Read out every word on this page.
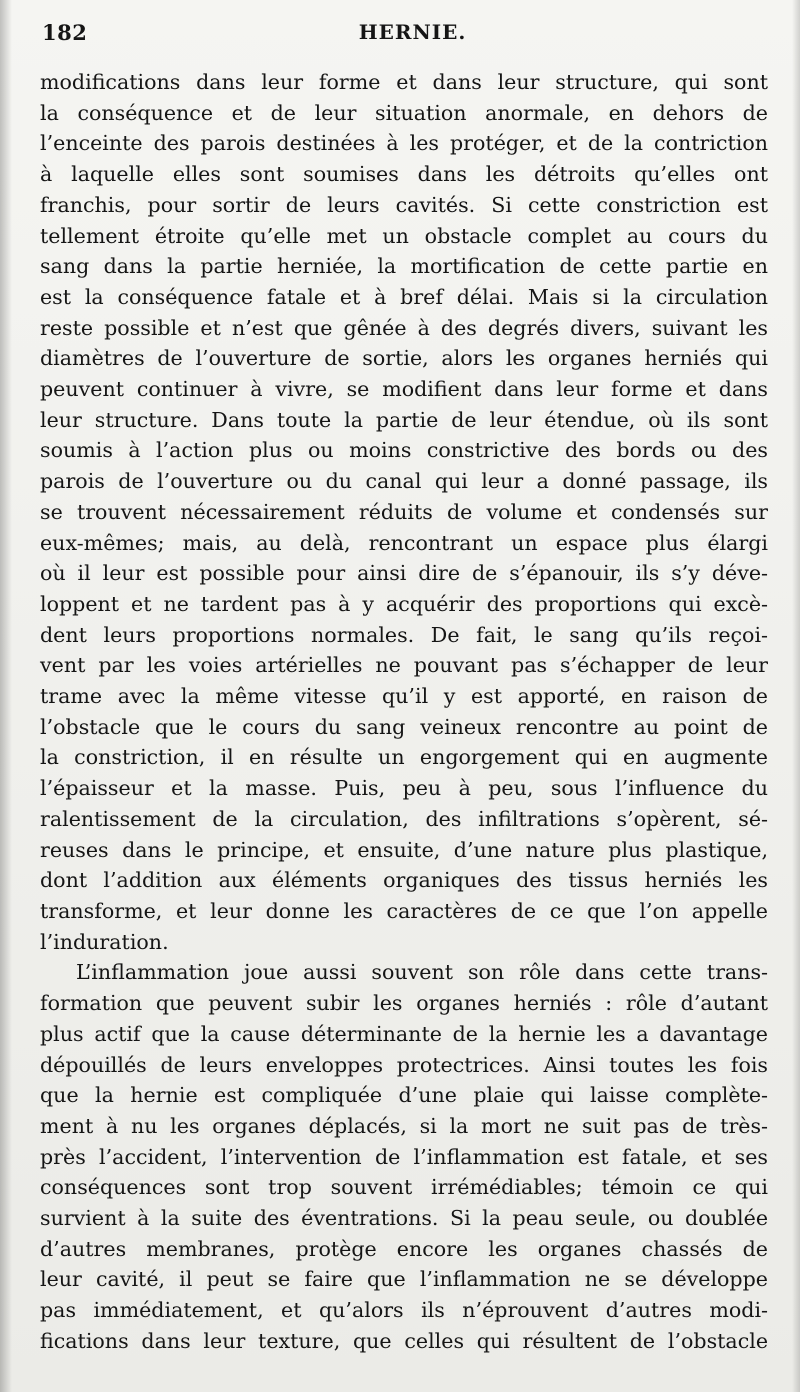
182	HERNIE.
modifications dans leur forme et dans leur structure, qui sont
la conséquence et de leur situation anormale, en dehors de
l’enceinte des parois destinées à les protéger, et de la contriction
à laquelle elles sont soumises dans les détroits qu’elles ont
franchis, pour sortir de leurs cavités. Si cette constriction est
tellement étroite qu’elle met un obstacle complet au cours du
sang dans la partie herniée, la mortification de cette partie en
est la conséquence fatale et à bref délai. Mais si la circulation
reste possible et n’est que gênée à des degrés divers, suivant les
diamètres de l’ouverture de sortie, alors les organes herniés qui
peuvent continuer à vivre, se modifient dans leur forme et dans
leur structure. Dans toute la partie de leur étendue, où ils sont
soumis à l’action plus ou moins constrictive des bords ou des
parois de l’ouverture ou du canal qui leur a donné passage, ils
se trouvent nécessairement réduits de volume et condensés sur
eux-mêmes; mais, au delà, rencontrant un espace plus élargi
où il leur est possible pour ainsi dire de s’épanouir, ils s’y déve-
loppent et ne tardent pas à y acquérir des proportions qui excè-
dent leurs proportions normales. De fait, le sang qu’ils reçoi-
vent par les voies artérielles ne pouvant pas s’échapper de leur
trame avec la même vitesse qu’il y est apporté, en raison de
l’obstacle que le cours du sang veineux rencontre au point de
la constriction, il en résulte un engorgement qui en augmente
l’épaisseur et la masse. Puis, peu à peu, sous l’influence du
ralentissement de la circulation, des infiltrations s’opèrent, sé-
reuses dans le principe, et ensuite, d’une nature plus plastique,
dont l’addition aux éléments organiques des tissus herniés les
transforme, et leur donne les caractères de ce que l’on appelle
l’induration.
L’inflammation joue aussi souvent son rôle dans cette trans-
formation que peuvent subir les organes herniés : rôle d’autant
plus actif que la cause déterminante de la hernie les a davantage
dépouillés de leurs enveloppes protectrices. Ainsi toutes les fois
que la hernie est compliquée d’une plaie qui laisse complète-
ment à nu les organes déplacés, si la mort ne suit pas de très-
près l’accident, l’intervention de l’inflammation est fatale, et ses
conséquences sont trop souvent irrémédiables; témoin ce qui
survient à la suite des éventrations. Si la peau seule, ou doublée
d’autres membranes, protège encore les organes chassés de
leur cavité, il peut se faire que l’inflammation ne se développe
pas immédiatement, et qu’alors ils n’éprouvent d’autres modi-
fications dans leur texture, que celles qui résultent de l’obstacle
